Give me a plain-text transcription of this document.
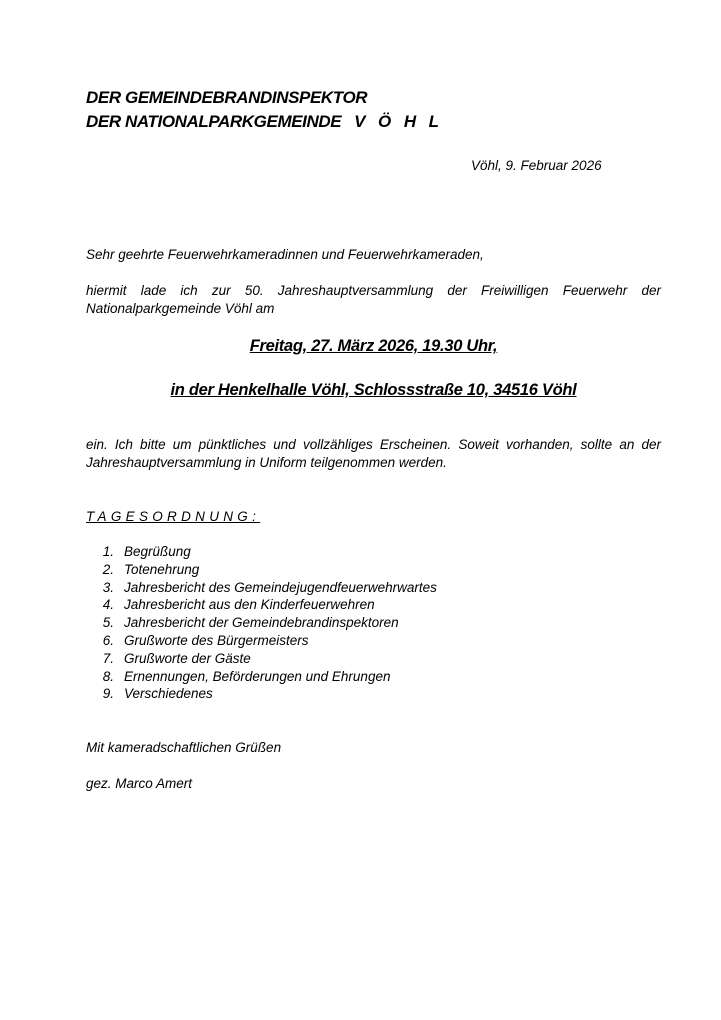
DER GEMEINDEBRANDINSPEKTOR
DER NATIONALPARKGEMEINDE   V   Ö   H   L
Vöhl, 9. Februar 2026
Sehr geehrte Feuerwehrkameradinnen und Feuerwehrkameraden,
hiermit lade ich zur 50. Jahreshauptversammlung der Freiwilligen Feuerwehr der Nationalparkgemeinde Vöhl am
Freitag, 27. März 2026, 19.30 Uhr,
in der Henkelhalle Vöhl, Schlossstraße 10, 34516 Vöhl
ein. Ich bitte um pünktliches und vollzähliges Erscheinen. Soweit vorhanden, sollte an der Jahreshauptversammlung in Uniform teilgenommen werden.
TAGESORDNUNG:
1. Begrüßung
2. Totenehrung
3. Jahresbericht des Gemeindejugendfeuerwehrwartes
4. Jahresbericht aus den Kinderfeuerwehren
5. Jahresbericht der Gemeindebrandinspektoren
6. Grußworte des Bürgermeisters
7. Grußworte der Gäste
8. Ernennungen, Beförderungen und Ehrungen
9. Verschiedenes
Mit kameradschaftlichen Grüßen
gez. Marco Amert
